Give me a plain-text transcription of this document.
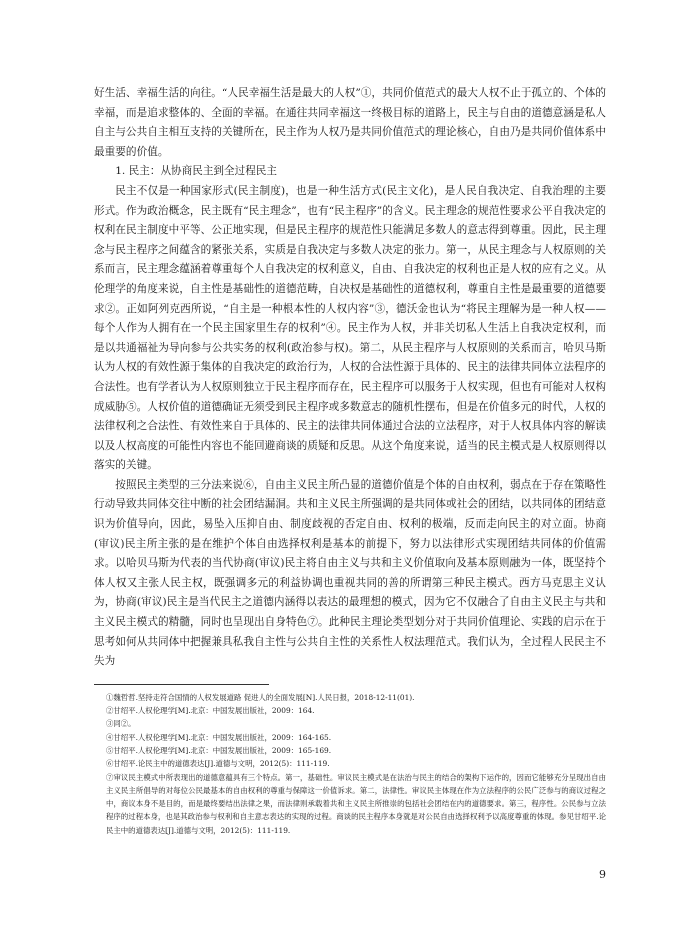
好生活、幸福生活的向往。“人民幸福生活是最大的人权”①，共同价值范式的最大人权不止于孤立的、个体的幸福，而是追求整体的、全面的幸福。在通往共同幸福这一终极目标的道路上，民主与自由的道德意涵是私人自主与公共自主相互支持的关键所在，民主作为人权乃是共同价值范式的理论核心，自由乃是共同价值体系中最重要的价值。

1. 民主：从协商民主到全过程民主

民主不仅是一种国家形式(民主制度)，也是一种生活方式(民主文化)，是人民自我决定、自我治理的主要形式。作为政治概念，民主既有“民主理念”，也有“民主程序”的含义。民主理念的规范性要求公平自我决定的权利在民主制度中平等、公正地实现，但是民主程序的规范性只能满足多数人的意志得到尊重。因此，民主理念与民主程序之间蕴含的紧张关系，实质是自我决定与多数人决定的张力。第一，从民主理念与人权原则的关系而言，民主理念蕴涵着尊重每个人自我决定的权利意义，自由、自我决定的权利也正是人权的应有之义。从伦理学的角度来说，自主性是基础性的道德范畴，自决权是基础性的道德权利，尊重自主性是最重要的道德要求②。正如阿列克西所说，“自主是一种根本性的人权内容”③，德沃金也认为“将民主理解为是一种人权——每个人作为人拥有在一个民主国家里生存的权利”④。民主作为人权，并非关切私人生活上自我决定权利，而是以共通福祉为导向参与公共实务的权利(政治参与权)。第二，从民主程序与人权原则的关系而言，哈贝马斯认为人权的有效性源于集体的自我决定的政治行为，人权的合法性源于具体的、民主的法律共同体立法程序的合法性。也有学者认为人权原则独立于民主程序而存在，民主程序可以服务于人权实现，但也有可能对人权构成威胁⑤。人权价值的道德确证无须受到民主程序或多数意志的随机性摆布，但是在价值多元的时代，人权的法律权利之合法性、有效性来自于具体的、民主的法律共同体通过合法的立法程序，对于人权具体内容的解读以及人权高度的可能性内容也不能回避商谈的质疑和反思。从这个角度来说，适当的民主模式是人权原则得以落实的关键。

按照民主类型的三分法来说⑥，自由主义民主所凸显的道德价值是个体的自由权利，弱点在于存在策略性行动导致共同体交往中断的社会团结漏洞。共和主义民主所强调的是共同体或社会的团结，以共同体的团结意识为价值导向，因此，易坠入压抑自由、制度歧视的否定自由、权利的极端，反而走向民主的对立面。协商(审议)民主所主张的是在维护个体自由选择权利是基本的前提下，努力以法律形式实现团结共同体的价值需求。以哈贝马斯为代表的当代协商(审议)民主将自由主义与共和主义价值取向及基本原则融为一体，既坚持个体人权又主张人民主权，既强调多元的利益协调也重视共同的善的所谓第三种民主模式。西方马克思主义认为，协商(审议)民主是当代民主之道德内涵得以表达的最理想的模式，因为它不仅融合了自由主义民主与共和主义民主模式的精髓，同时也呈现出自身特色⑦。此种民主理论类型划分对于共同价值理论、实践的启示在于思考如何从共同体中把握兼具私我自主性与公共自主性的关系性人权法理范式。我们认为，全过程人民民主不失为

①魏哲哲.坚持走符合国情的人权发展道路 促进人的全面发展[N].人民日报，2018-12-11(01).

②甘绍平.人权伦理学[M].北京：中国发展出版社，2009：164.

③同②。

④甘绍平.人权伦理学[M].北京：中国发展出版社，2009：164-165.

⑤甘绍平.人权伦理学[M].北京：中国发展出版社，2009：165-169.

⑥甘绍平.论民主中的道德表达[J].道德与文明，2012(5)：111-119.

⑦审议民主模式中所表现出的道德意蕴具有三个特点。第一，基础性。审议民主模式是在法治与民主的结合的架构下运作的，因而它能够充分呈现出自由主义民主所倡导的对每位公民最基本的自由权利的尊重与保障这一价值诉求。第二，法律性。审议民主体现在作为立法程序的公民广泛参与的商议过程之中，商议本身不是目的，而是最终要结出法律之果，而法律则承载着共和主义民主所推崇的包括社会团结在内的道德要求。第三，程序性。公民参与立法程序的过程本身，也是其政治参与权利和自主意志表达的实现的过程。商谈的民主程序本身就是对公民自由选择权利予以高度尊重的体现。参见甘绍平.论民主中的道德表达[J].道德与文明，2012(5)：111-119.

9
